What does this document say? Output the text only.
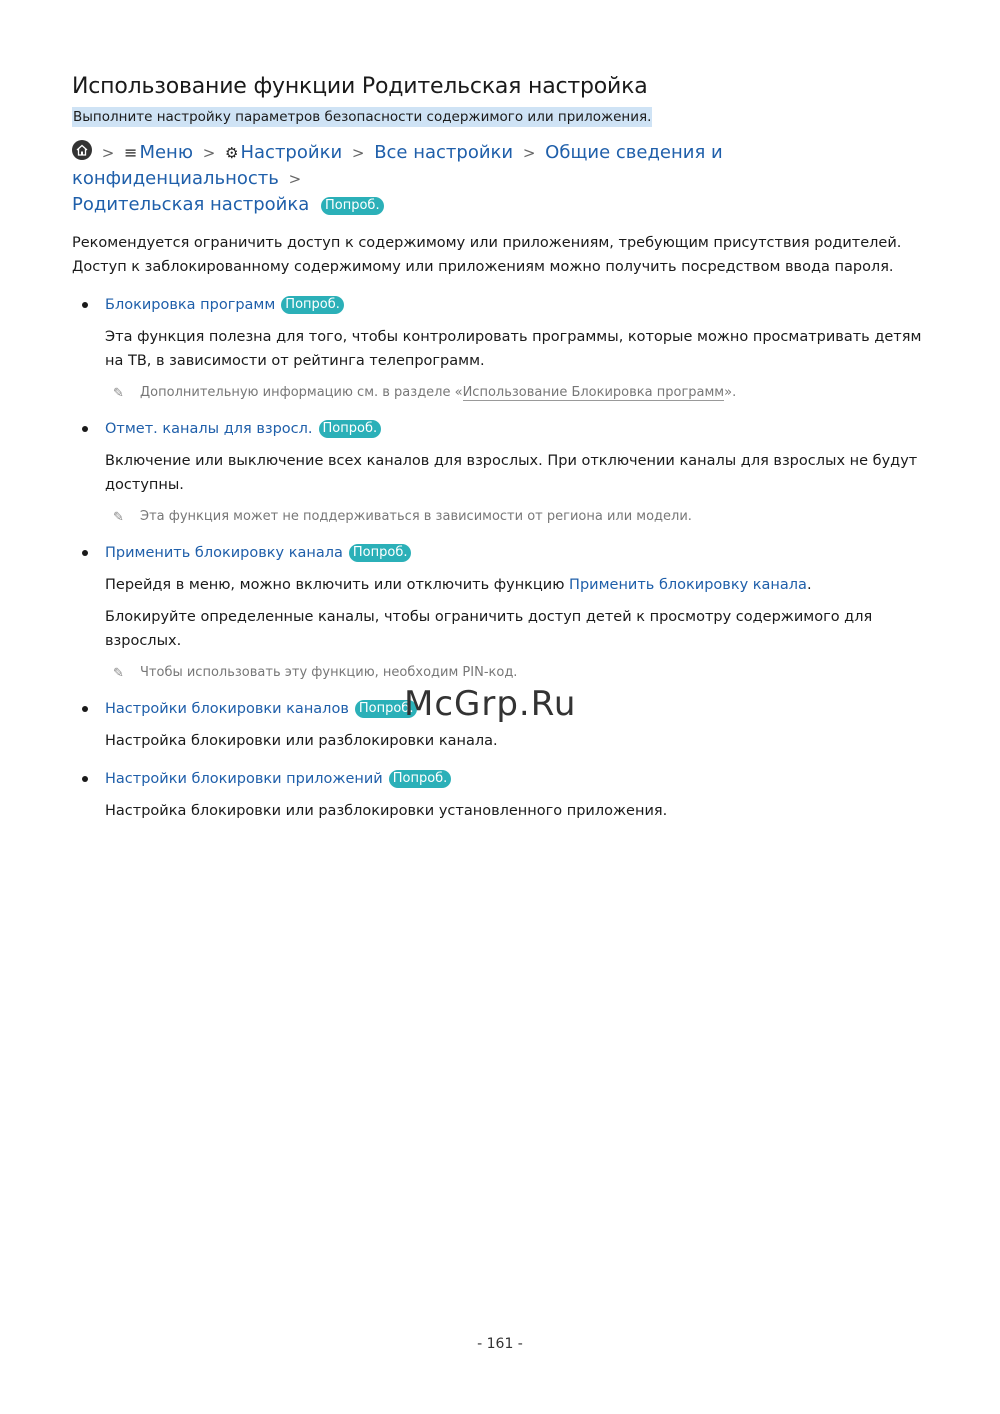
Использование функции Родительская настройка
Выполните настройку параметров безопасности содержимого или приложения.
> ≡ Меню > ⚙ Настройки > Все настройки > Общие сведения и конфиденциальность >
Родительская настройка Попроб.
Рекомендуется ограничить доступ к содержимому или приложениям, требующим присутствия родителей. Доступ к заблокированному содержимому или приложениям можно получить посредством ввода пароля.
Блокировка программ Попроб.
Эта функция полезна для того, чтобы контролировать программы, которые можно просматривать детям на ТВ, в зависимости от рейтинга телепрограмм.
✎ Дополнительную информацию см. в разделе «Использование Блокировка программ».
Отмет. каналы для взросл. Попроб.
Включение или выключение всех каналов для взрослых. При отключении каналы для взрослых не будут доступны.
✎ Эта функция может не поддерживаться в зависимости от региона или модели.
Применить блокировку канала Попроб.
Перейдя в меню, можно включить или отключить функцию Применить блокировку канала.
Блокируйте определенные каналы, чтобы ограничить доступ детей к просмотру содержимого для взрослых.
✎ Чтобы использовать эту функцию, необходим PIN-код.
Настройки блокировки каналов Попроб.
Настройка блокировки или разблокировки канала.
Настройки блокировки приложений Попроб.
Настройка блокировки или разблокировки установленного приложения.
McGrp.Ru
- 161 -
